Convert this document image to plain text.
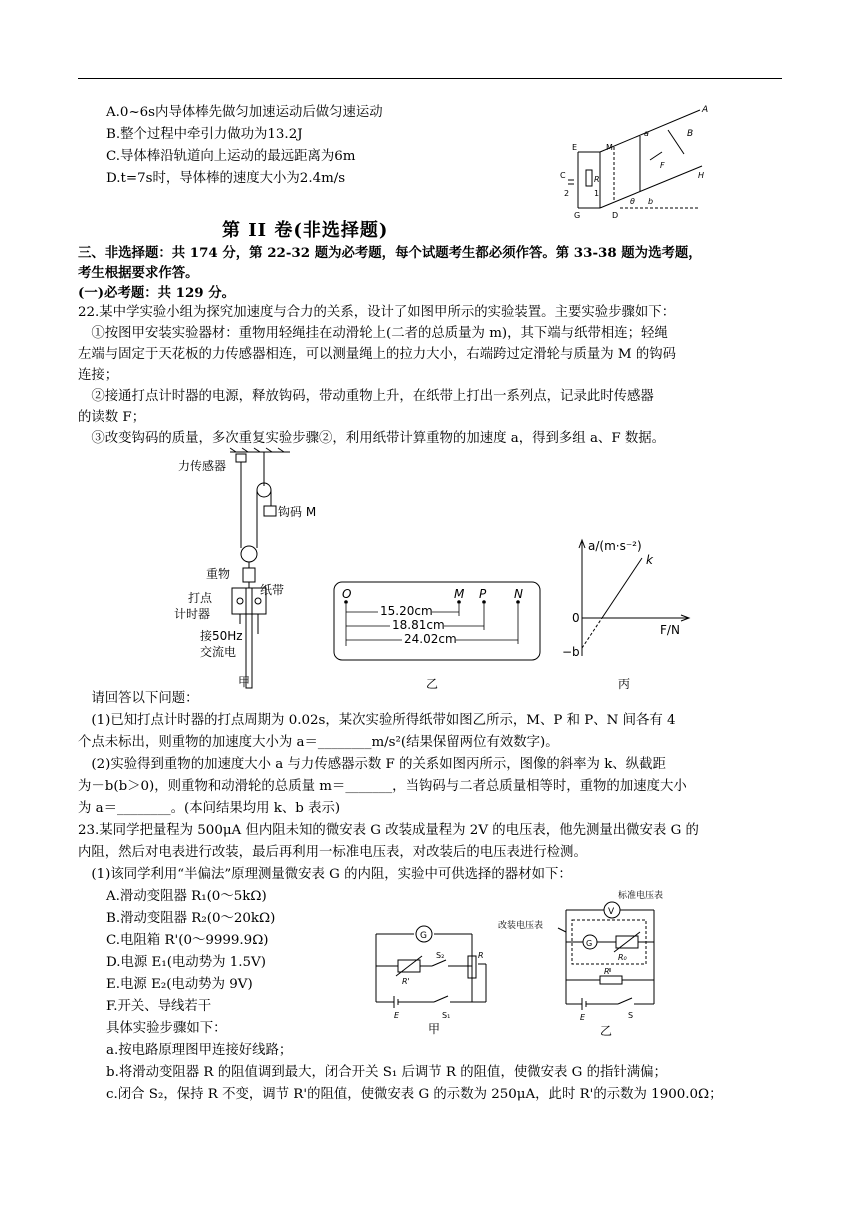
A.0~6s内导体棒先做匀加速运动后做匀速运动
B.整个过程中牵引力做功为13.2J
C.导体棒沿轨道向上运动的最远距离为6m
D.t=7s时，导体棒的速度大小为2.4m/s
A
B
a
M
E
F
H
C	R
2	1
θ b
G	D
第 II 卷(非选择题)
三、非选择题：共 174 分，第 22-32 题为必考题，每个试题考生都必须作答。第 33-38 题为选考题，
考生根据要求作答。
(一)必考题：共 129 分。
22.某中学实验小组为探究加速度与合力的关系，设计了如图甲所示的实验装置。主要实验步骤如下：
　①按图甲安装实验器材：重物用轻绳挂在动滑轮上(二者的总质量为 m)，其下端与纸带相连；轻绳
左端与固定于天花板的力传感器相连，可以测量绳上的拉力大小，右端跨过定滑轮与质量为 M 的钩码
连接；
　②接通打点计时器的电源，释放钩码，带动重物上升，在纸带上打出一系列点，记录此时传感器
的读数 F；
　③改变钩码的质量，多次重复实验步骤②，利用纸带计算重物的加速度 a，得到多组 a、F 数据。
力传感器
钩码 M
重物
纸带
打点
计时器
接50Hz
交流电
甲
O	M P N
15.20cm
18.81cm
24.02cm
乙
a/(m·s⁻²)
k
0
F/N
−b
丙
　请回答以下问题：
　(1)已知打点计时器的打点周期为 0.02s，某次实验所得纸带如图乙所示，M、P 和 P、N 间各有 4
个点未标出，则重物的加速度大小为 a＝________m/s²(结果保留两位有效数字)。
　(2)实验得到重物的加速度大小 a 与力传感器示数 F 的关系如图丙所示，图像的斜率为 k、纵截距
为－b(b＞0)，则重物和动滑轮的总质量 m＝_______，当钩码与二者总质量相等时，重物的加速度大小
为 a＝________。(本问结果均用 k、b 表示)
23.某同学把量程为 500μA 但内阻未知的微安表 G 改装成量程为 2V 的电压表，他先测量出微安表 G 的
内阻，然后对电表进行改装，最后再利用一标准电压表，对改装后的电压表进行检测。
　(1)该同学利用“半偏法”原理测量微安表 G 的内阻，实验中可供选择的器材如下：
A.滑动变阻器 R₁(0～5kΩ)
B.滑动变阻器 R₂(0～20kΩ)
C.电阻箱 R'(0～9999.9Ω)
D.电源 E₁(电动势为 1.5V)
E.电源 E₂(电动势为 9V)
F.开关、导线若干
具体实验步骤如下：
G
R'
S₂	R
E	S₁
甲
V
G
标准电压表
改装电压表
R₀
R
E	S
乙
a.按电路原理图甲连接好线路；
b.将滑动变阻器 R 的阻值调到最大，闭合开关 S₁ 后调节 R 的阻值，使微安表 G 的指针满偏；
c.闭合 S₂，保持 R 不变，调节 R'的阻值，使微安表 G 的示数为 250μA，此时 R'的示数为 1900.0Ω；
